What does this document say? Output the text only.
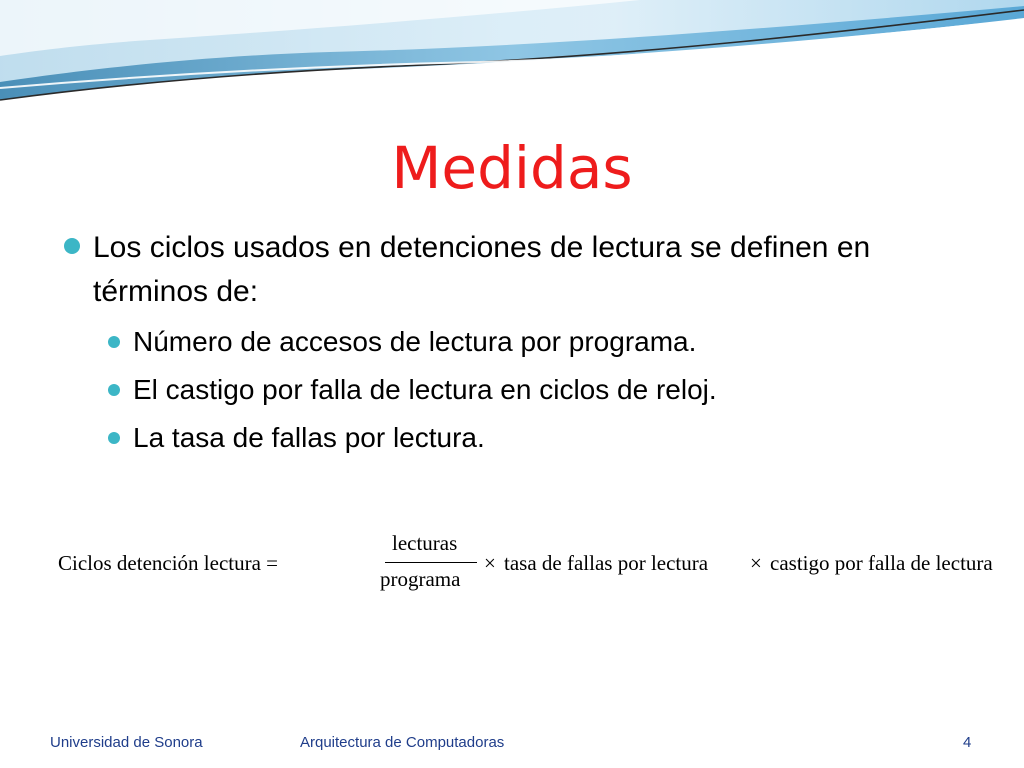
Medidas

Los ciclos usados en detenciones de lectura se definen en términos de:

Número de accesos de lectura por programa.

El castigo por falla de lectura en ciclos de reloj.

La tasa de fallas por lectura.

Ciclos detención lectura =
lecturas
programa
× tasa de fallas por lectura × castigo por falla de lectura
Universidad de Sonora	Arquitectura de Computadoras	4
